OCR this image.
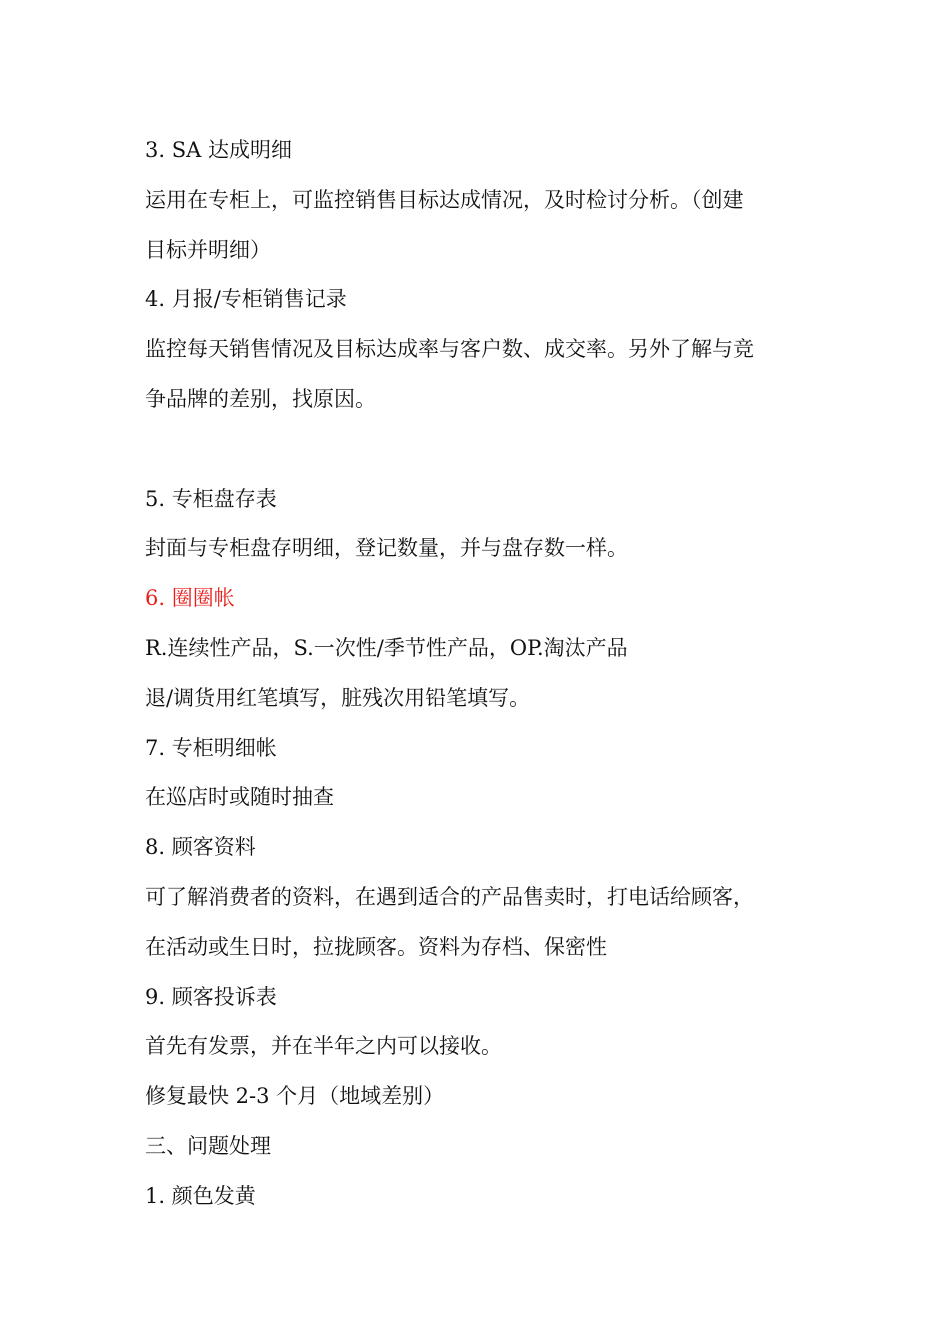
3. SA 达成明细

运用在专柜上，可监控销售目标达成情况，及时检讨分析。（创建

目标并明细）

4. 月报/专柜销售记录

监控每天销售情况及目标达成率与客户数、成交率。另外了解与竞

争品牌的差别，找原因。

5. 专柜盘存表

封面与专柜盘存明细，登记数量，并与盘存数一样。

6. 圈圈帐

R.连续性产品，S.一次性/季节性产品，OP.淘汰产品

退/调货用红笔填写，脏残次用铅笔填写。

7. 专柜明细帐

在巡店时或随时抽查

8. 顾客资料

可了解消费者的资料，在遇到适合的产品售卖时，打电话给顾客，

在活动或生日时，拉拢顾客。资料为存档、保密性

9. 顾客投诉表

首先有发票，并在半年之内可以接收。

修复最快 2-3 个月（地域差别）

三、问题处理

1. 颜色发黄
